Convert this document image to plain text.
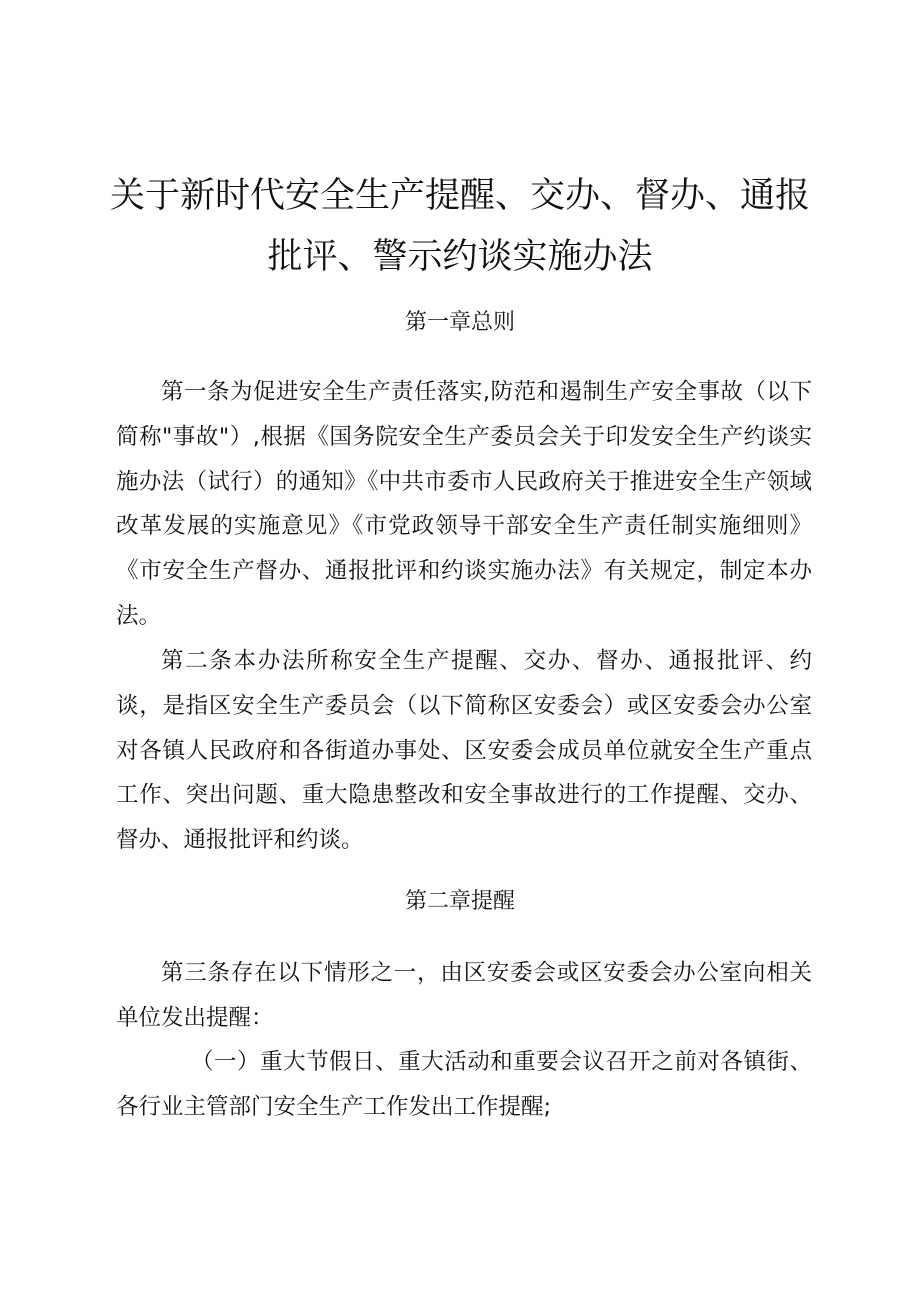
关于新时代安全生产提醒、交办、督办、通报
批评、警示约谈实施办法

第一章总则

第一条为促进安全生产责任落实,防范和遏制生产安全事故（以下简称"事故"）,根据《国务院安全生产委员会关于印发安全生产约谈实施办法（试行）的通知》《中共市委市人民政府关于推进安全生产领域改革发展的实施意见》《市党政领导干部安全生产责任制实施细则》《市安全生产督办、通报批评和约谈实施办法》有关规定，制定本办法。

第二条本办法所称安全生产提醒、交办、督办、通报批评、约谈，是指区安全生产委员会（以下简称区安委会）或区安委会办公室对各镇人民政府和各街道办事处、区安委会成员单位就安全生产重点工作、突出问题、重大隐患整改和安全事故进行的工作提醒、交办、督办、通报批评和约谈。

第二章提醒

第三条存在以下情形之一，由区安委会或区安委会办公室向相关单位发出提醒：

（一）重大节假日、重大活动和重要会议召开之前对各镇街、各行业主管部门安全生产工作发出工作提醒;
